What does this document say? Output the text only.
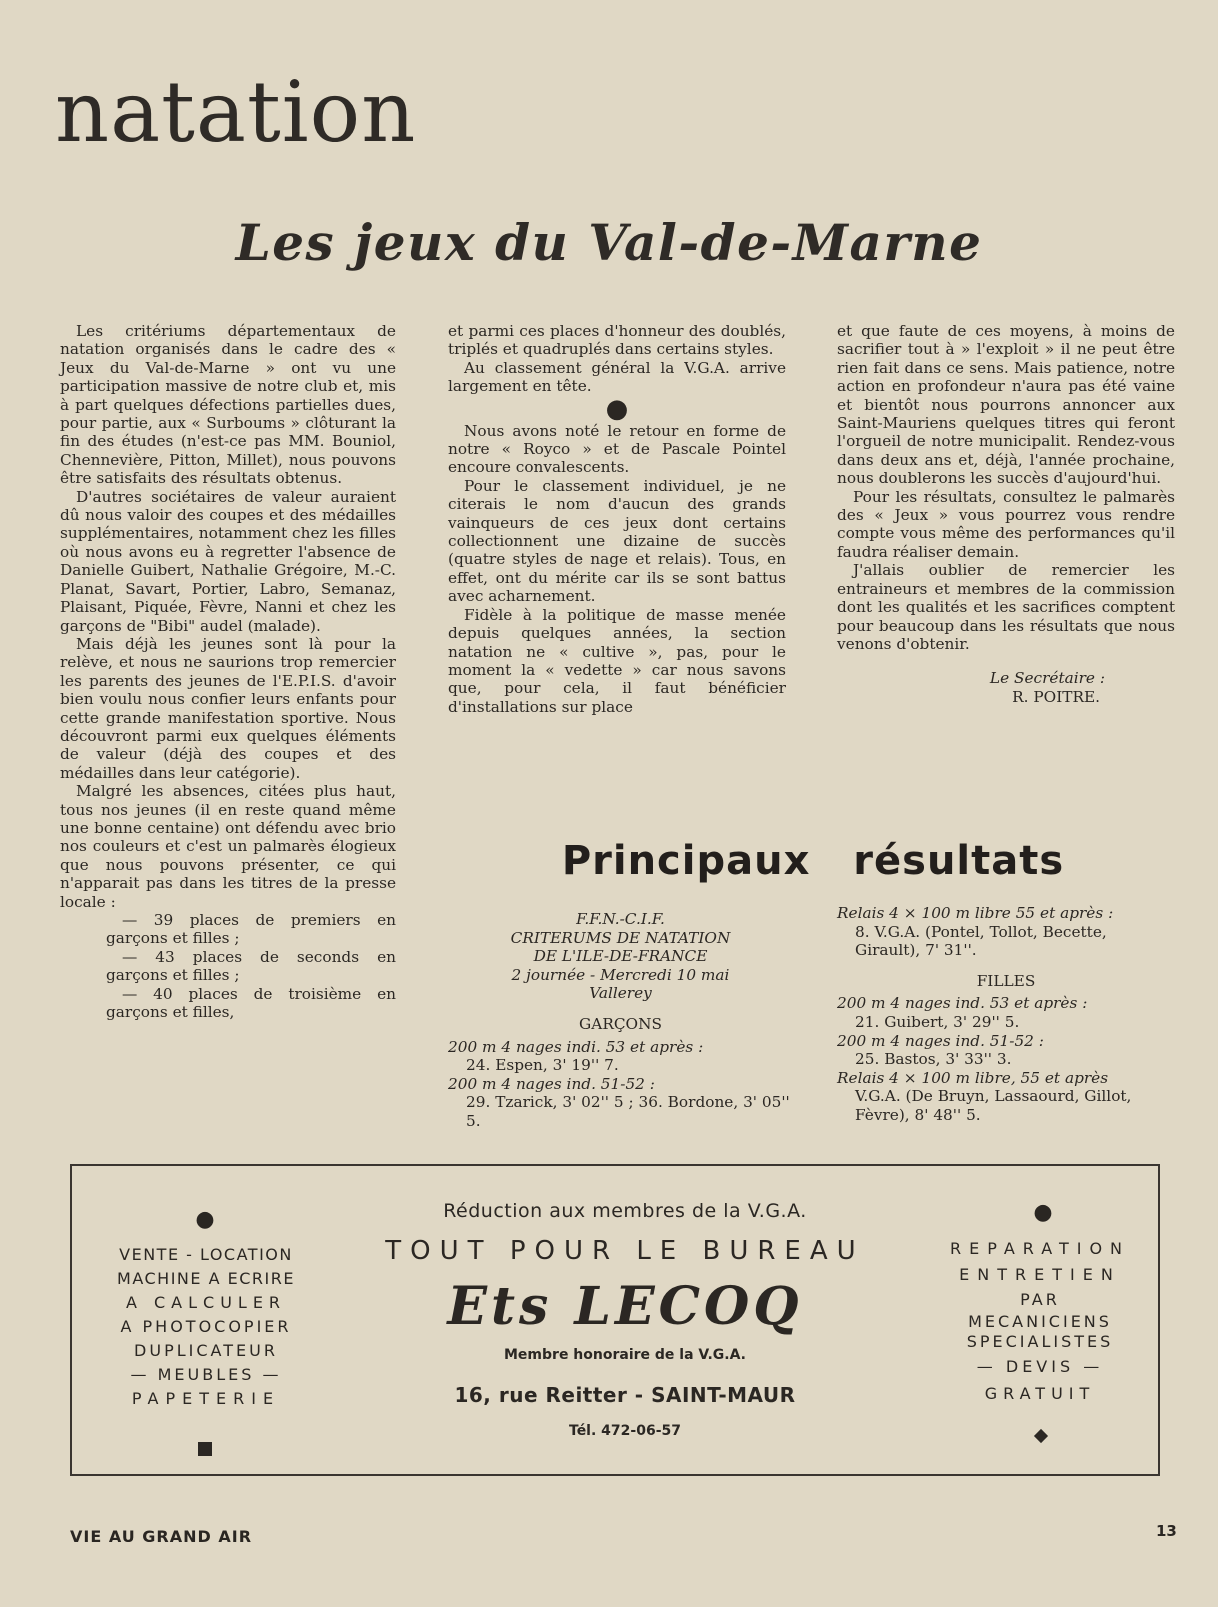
natation
Les jeux du Val-de-Marne

Les critériums départementaux de natation organisés dans le cadre des « Jeux du Val-de-Marne » ont vu une participation massive de notre club et, mis à part quelques défections partielles dues, pour partie, aux « Surboums » clôturant la fin des études (n'est-ce pas MM. Bouniol, Chennevière, Pitton, Millet), nous pouvons être satisfaits des résultats obtenus.

D'autres sociétaires de valeur auraient dû nous valoir des coupes et des médailles supplémentaires, notamment chez les filles où nous avons eu à regretter l'absence de Danielle Guibert, Nathalie Grégoire, M.-C. Planat, Savart, Portier, Labro, Semanaz, Plaisant, Piquée, Fèvre, Nanni et chez les garçons de "Bibi" audel (malade).

Mais déjà les jeunes sont là pour la relève, et nous ne saurions trop remercier les parents des jeunes de l'E.P.I.S. d'avoir bien voulu nous confier leurs enfants pour cette grande manifestation sportive. Nous découvront parmi eux quelques éléments de valeur (déjà des coupes et des médailles dans leur catégorie).

Malgré les absences, citées plus haut, tous nos jeunes (il en reste quand même une bonne centaine) ont défendu avec brio nos couleurs et c'est un palmarès élogieux que nous pouvons présenter, ce qui n'apparait pas dans les titres de la presse locale :

— 39 places de premiers en garçons et filles ;

— 43 places de seconds en garçons et filles ;

— 40 places de troisième en garçons et filles,

et parmi ces places d'honneur des doublés, triplés et quadruplés dans certains styles.

Au classement général la V.G.A. arrive largement en tête.

●

Nous avons noté le retour en forme de notre « Royco » et de Pascale Pointel encoure convalescents.

Pour le classement individuel, je ne citerais le nom d'aucun des grands vainqueurs de ces jeux dont certains collectionnent une dizaine de succès (quatre styles de nage et relais). Tous, en effet, ont du mérite car ils se sont battus avec acharnement.

Fidèle à la politique de masse menée depuis quelques années, la section natation ne « cultive », pas, pour le moment la « vedette » car nous savons que, pour cela, il faut bénéficier d'installations sur place

et que faute de ces moyens, à moins de sacrifier tout à » l'exploit » il ne peut être rien fait dans ce sens. Mais patience, notre action en profondeur n'aura pas été vaine et bientôt nous pourrons annoncer aux Saint-Mauriens quelques titres qui feront l'orgueil de notre municipalit. Rendez-vous dans deux ans et, déjà, l'année prochaine, nous doublerons les succès d'aujourd'hui.

Pour les résultats, consultez le palmarès des « Jeux » vous pourrez vous rendre compte vous même des performances qu'il faudra réaliser demain.

J'allais oublier de remercier les entraineurs et membres de la commission dont les qualités et les sacrifices comptent pour beaucoup dans les résultats que nous venons d'obtenir.

Le Secrétaire :

R. POITRE.

Principaux résultats

F.F.N.-C.I.F.

CRITERUMS DE NATATION

DE L'ILE-DE-FRANCE

2 journée - Mercredi 10 mai

Vallerey

GARÇONS

200 m 4 nages indi. 53 et après :

24. Espen, 3' 19'' 7.

200 m 4 nages ind. 51-52 :

29. Tzarick, 3' 02'' 5 ; 36. Bordone, 3' 05'' 5.

Relais 4 × 100 m libre 55 et après :

8. V.G.A. (Pontel, Tollot, Becette, Girault), 7' 31''.

FILLES

200 m 4 nages ind. 53 et après :

21. Guibert, 3' 29'' 5.

200 m 4 nages ind. 51-52 :

25. Bastos, 3' 33'' 3.

Relais 4 × 100 m libre, 55 et après

V.G.A. (De Bruyn, Lassaourd, Gillot, Fèvre), 8' 48'' 5.

●
VENTE - LOCATION
MACHINE A ECRIRE
A CALCULER
A PHOTOCOPIER
DUPLICATEUR
— MEUBLES —
PAPETERIE
Réduction aux membres de la V.G.A.
TOUT POUR LE BUREAU
Ets LECOQ
Membre honoraire de la V.G.A.
16, rue Reitter - SAINT-MAUR
Tél. 472-06-57
●
REPARATION
ENTRETIEN
PAR
MECANICIENS
SPECIALISTES
— DEVIS —
GRATUIT
VIE AU GRAND AIR	13
